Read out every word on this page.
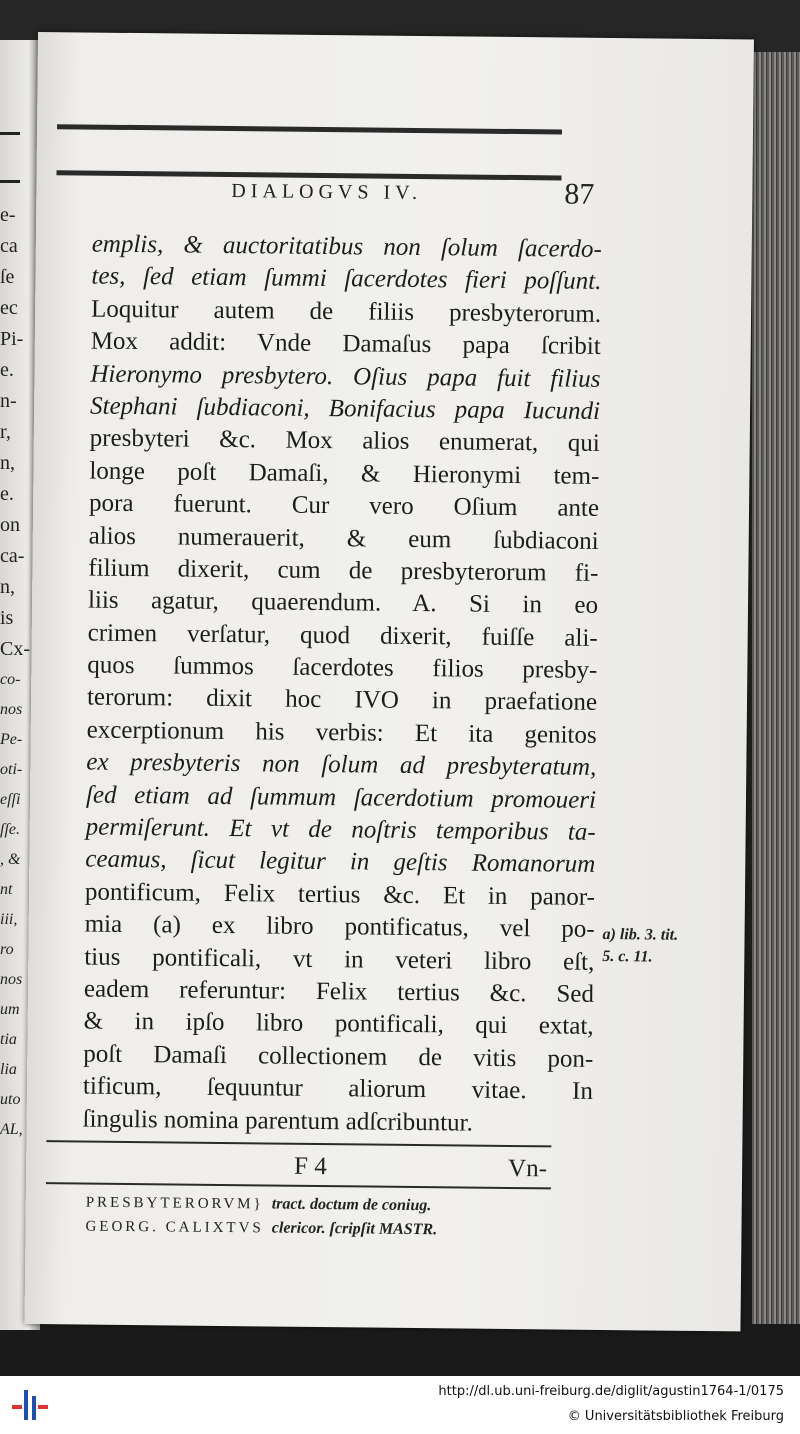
e-
ca
ſe
ec
Pi-
e.
n-
r,
n,
e.
on
ca-
n,
is
Cx-
co-
nos
Pe-
oti-
eſſi
ſſe.
, &
nt
iii,
ro
nos
um
tia
lia
uto
AL,
DIALOGVS IV.	87
emplis, & auctoritatibus non ſolum ſacerdo-
tes, ſed etiam ſummi ſacerdotes fieri poſſunt.
Loquitur autem de filiis presbyterorum.
Mox addit: Vnde Damaſus papa ſcribit
Hieronymo presbytero. Oſius papa fuit filius
Stephani ſubdiaconi, Bonifacius papa Iucundi
presbyteri &c. Mox alios enumerat, qui
longe poſt Damaſi, & Hieronymi tem-
pora fuerunt. Cur vero Oſium ante
alios numerauerit, & eum ſubdiaconi
filium dixerit, cum de presbyterorum fi-
liis agatur, quaerendum. A. Si in eo
crimen verſatur, quod dixerit, fuiſſe ali-
quos ſummos ſacerdotes filios presby-
terorum: dixit hoc IVO in praefatione
excerptionum his verbis: Et ita genitos
ex presbyteris non ſolum ad presbyteratum,
ſed etiam ad ſummum ſacerdotium promoueri
permiſerunt. Et vt de noſtris temporibus ta-
ceamus, ſicut legitur in geſtis Romanorum
pontificum, Felix tertius &c. Et in panor-
mia (a) ex libro pontificatus, vel po-
tius pontificali, vt in veteri libro eſt,
eadem referuntur: Felix tertius &c. Sed
& in ipſo libro pontificali, qui extat,
poſt Damaſi collectionem de vitis pon-
tificum, ſequuntur aliorum vitae. In
ſingulis nomina parentum adſcribuntur.
a) lib. 3. tit.
5. c. 11.
F 4	Vn-
PRESBYTERORVM} tract. doctum de coniug.
GEORG. CALIXTVS clericor. ſcripſit MASTR.
http://dl.ub.uni-freiburg.de/diglit/agustin1764-1/0175
© Universitätsbibliothek Freiburg
